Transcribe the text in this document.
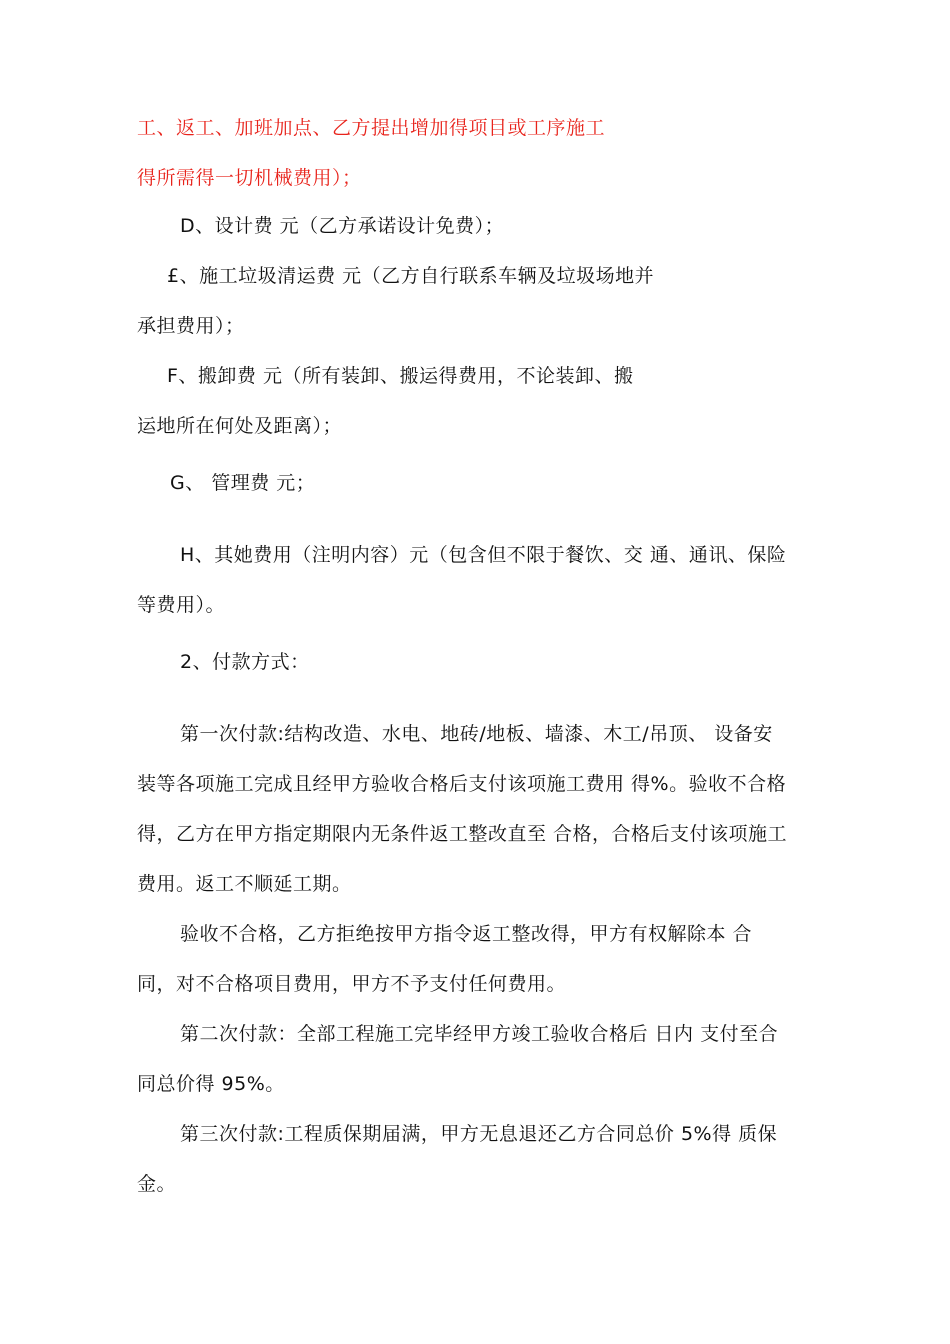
工、返工、加班加点、乙方提出增加得项目或工序施工
得所需得一切机械费用）；
D、设计费 元（乙方承诺设计免费）；
£、施工垃圾清运费 元（乙方自行联系车辆及垃圾场地并
承担费用）；
F、搬卸费 元（所有装卸、搬运得费用，不论装卸、搬
运地所在何处及距离）；
G、 管理费 元；
H、其她费用（注明内容）元（包含但不限于餐饮、交 通、通讯、保险
等费用）。
2、付款方式：
第一次付款:结构改造、水电、地砖/地板、墙漆、木工/吊顶、 设备安
装等各项施工完成且经甲方验收合格后支付该项施工费用 得%。验收不合格
得，乙方在甲方指定期限内无条件返工整改直至 合格，合格后支付该项施工
费用。返工不顺延工期。
验收不合格，乙方拒绝按甲方指令返工整改得，甲方有权解除本 合
同，对不合格项目费用，甲方不予支付任何费用。
第二次付款：全部工程施工完毕经甲方竣工验收合格后 日内 支付至合
同总价得 95%。
第三次付款:工程质保期届满，甲方无息退还乙方合同总价 5%得 质保
金。
